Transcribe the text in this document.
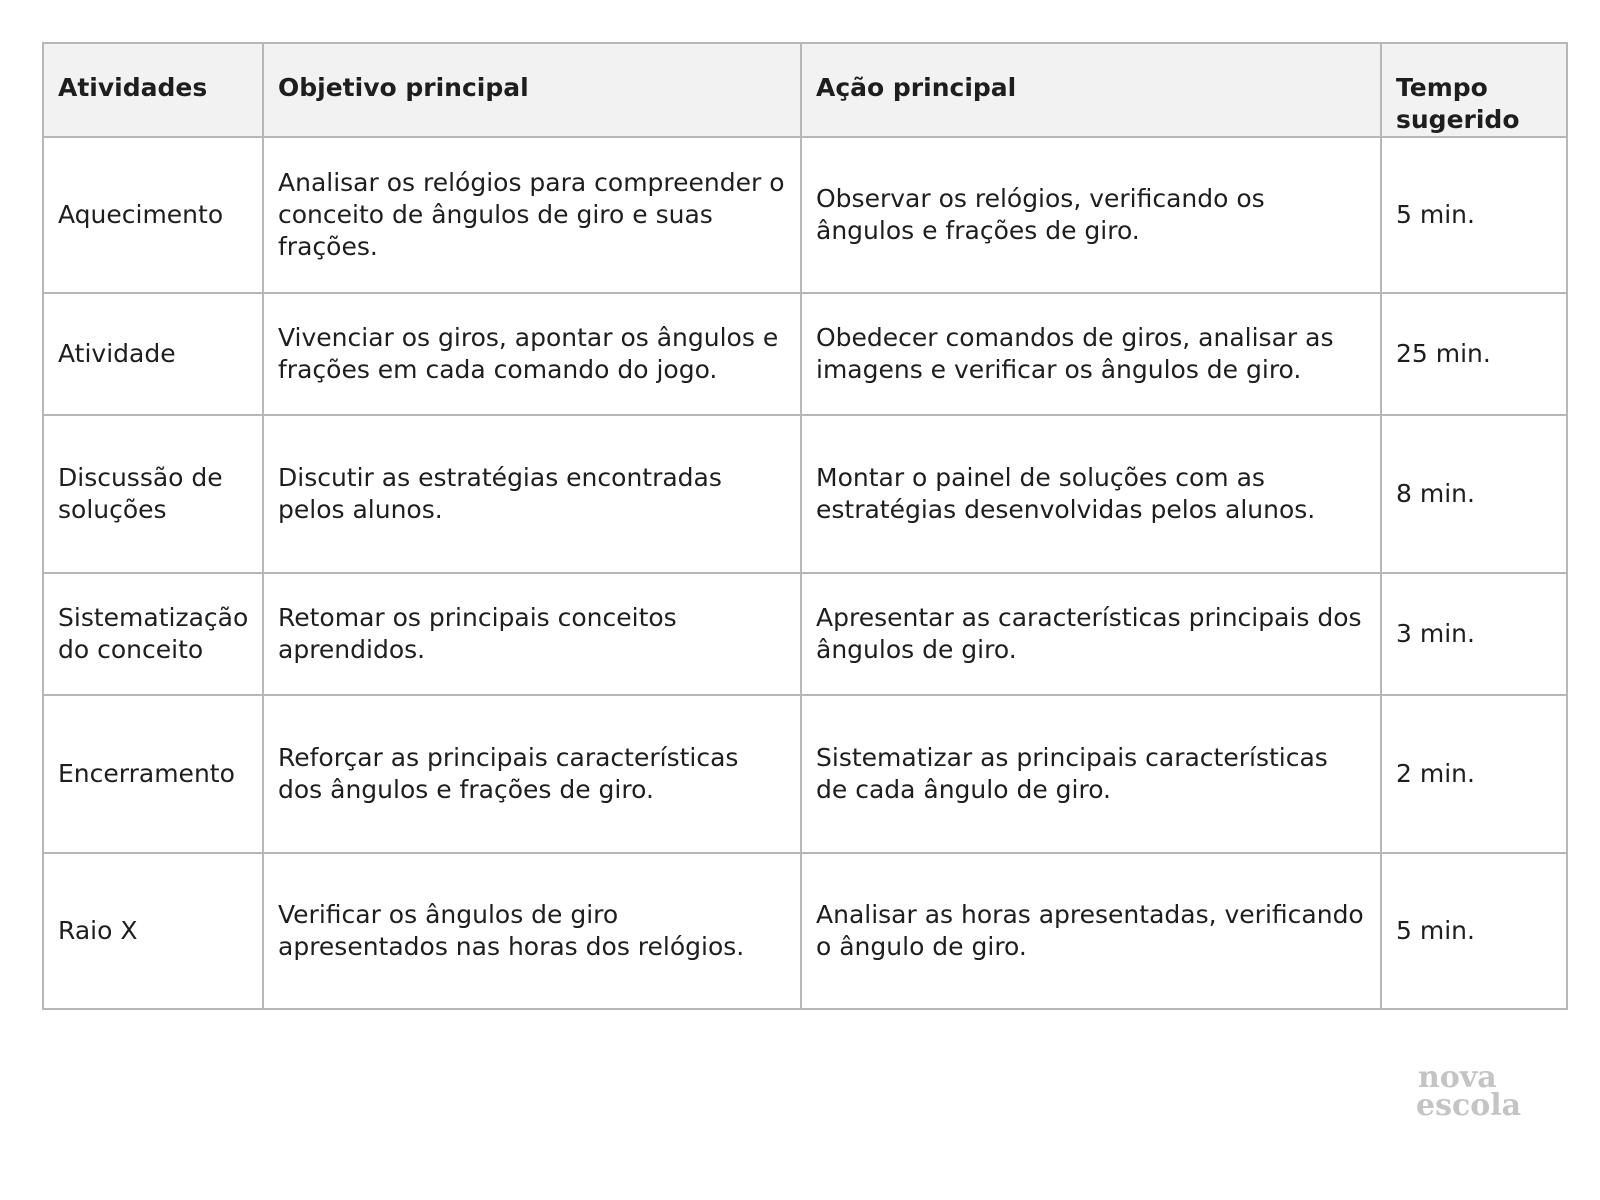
Atividades	Objetivo principal	Ação principal	Tempo sugerido
Aquecimento	Analisar os relógios para compreender o conceito de ângulos de giro e suas frações.	Observar os relógios, verificando os ângulos e frações de giro.	5 min.
Atividade	Vivenciar os giros, apontar os ângulos e frações em cada comando do jogo.	Obedecer comandos de giros, analisar as imagens e verificar os ângulos de giro.	25 min.
Discussão de soluções	Discutir as estratégias encontradas pelos alunos.	Montar o painel de soluções com as estratégias desenvolvidas pelos alunos.	8 min.
Sistematização do conceito	Retomar os principais conceitos aprendidos.	Apresentar as características principais dos ângulos de giro.	3 min.
Encerramento	Reforçar as principais características dos ângulos e frações de giro.	Sistematizar as principais características de cada ângulo de giro.	2 min.
Raio X	Verificar os ângulos de giro apresentados nas horas dos relógios.	Analisar as horas apresentadas, verificando o ângulo de giro.	5 min.
nova
escola
